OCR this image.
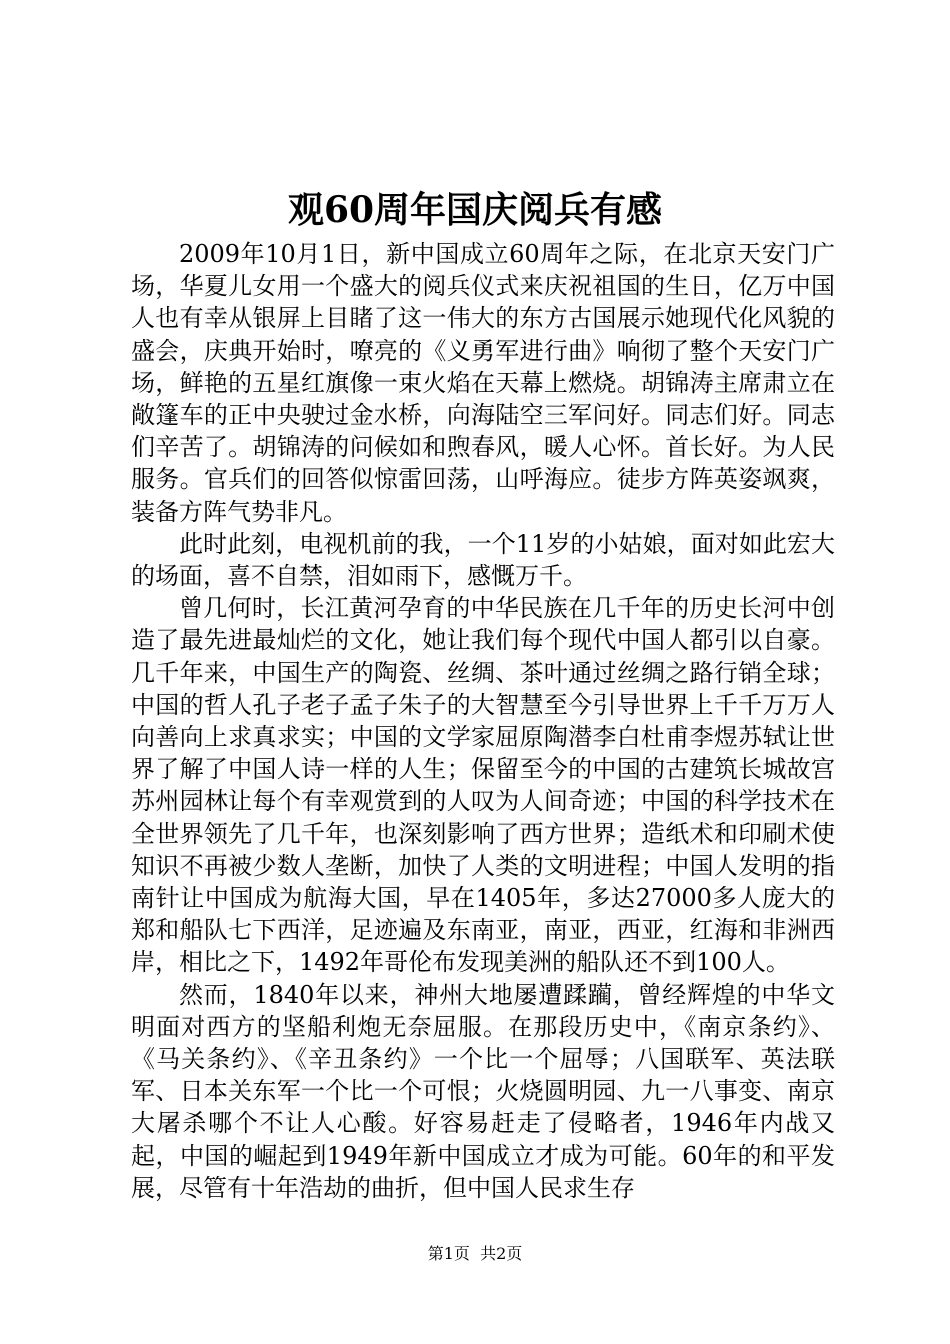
观60周年国庆阅兵有感

2009年10月1日，新中国成立60周年之际，在北京天安门广场，华夏儿女用一个盛大的阅兵仪式来庆祝祖国的生日，亿万中国人也有幸从银屏上目睹了这一伟大的东方古国展示她现代化风貌的盛会，庆典开始时，嘹亮的《义勇军进行曲》响彻了整个天安门广场，鲜艳的五星红旗像一束火焰在天幕上燃烧。胡锦涛主席肃立在敞篷车的正中央驶过金水桥，向海陆空三军问好。同志们好。同志们辛苦了。胡锦涛的问候如和煦春风，暖人心怀。首长好。为人民服务。官兵们的回答似惊雷回荡，山呼海应。徒步方阵英姿飒爽，装备方阵气势非凡。

此时此刻，电视机前的我，一个11岁的小姑娘，面对如此宏大的场面，喜不自禁，泪如雨下，感慨万千。

曾几何时，长江黄河孕育的中华民族在几千年的历史长河中创造了最先进最灿烂的文化，她让我们每个现代中国人都引以自豪。几千年来，中国生产的陶瓷、丝绸、茶叶通过丝绸之路行销全球；中国的哲人孔子老子孟子朱子的大智慧至今引导世界上千千万万人向善向上求真求实；中国的文学家屈原陶潜李白杜甫李煜苏轼让世界了解了中国人诗一样的人生；保留至今的中国的古建筑长城故宫苏州园林让每个有幸观赏到的人叹为人间奇迹；中国的科学技术在全世界领先了几千年，也深刻影响了西方世界；造纸术和印刷术使知识不再被少数人垄断，加快了人类的文明进程；中国人发明的指南针让中国成为航海大国，早在1405年，多达27000多人庞大的郑和船队七下西洋，足迹遍及东南亚，南亚，西亚，红海和非洲西岸，相比之下，1492年哥伦布发现美洲的船队还不到100人。

然而，1840年以来，神州大地屡遭蹂躏，曾经辉煌的中华文明面对西方的坚船利炮无奈屈服。在那段历史中，《南京条约》、《马关条约》、《辛丑条约》一个比一个屈辱；八国联军、英法联军、日本关东军一个比一个可恨；火烧圆明园、九一八事变、南京大屠杀哪个不让人心酸。好容易赶走了侵略者，1946年内战又起，中国的崛起到1949年新中国成立才成为可能。60年的和平发展，尽管有十年浩劫的曲折，但中国人民求生存

第1页  共2页
